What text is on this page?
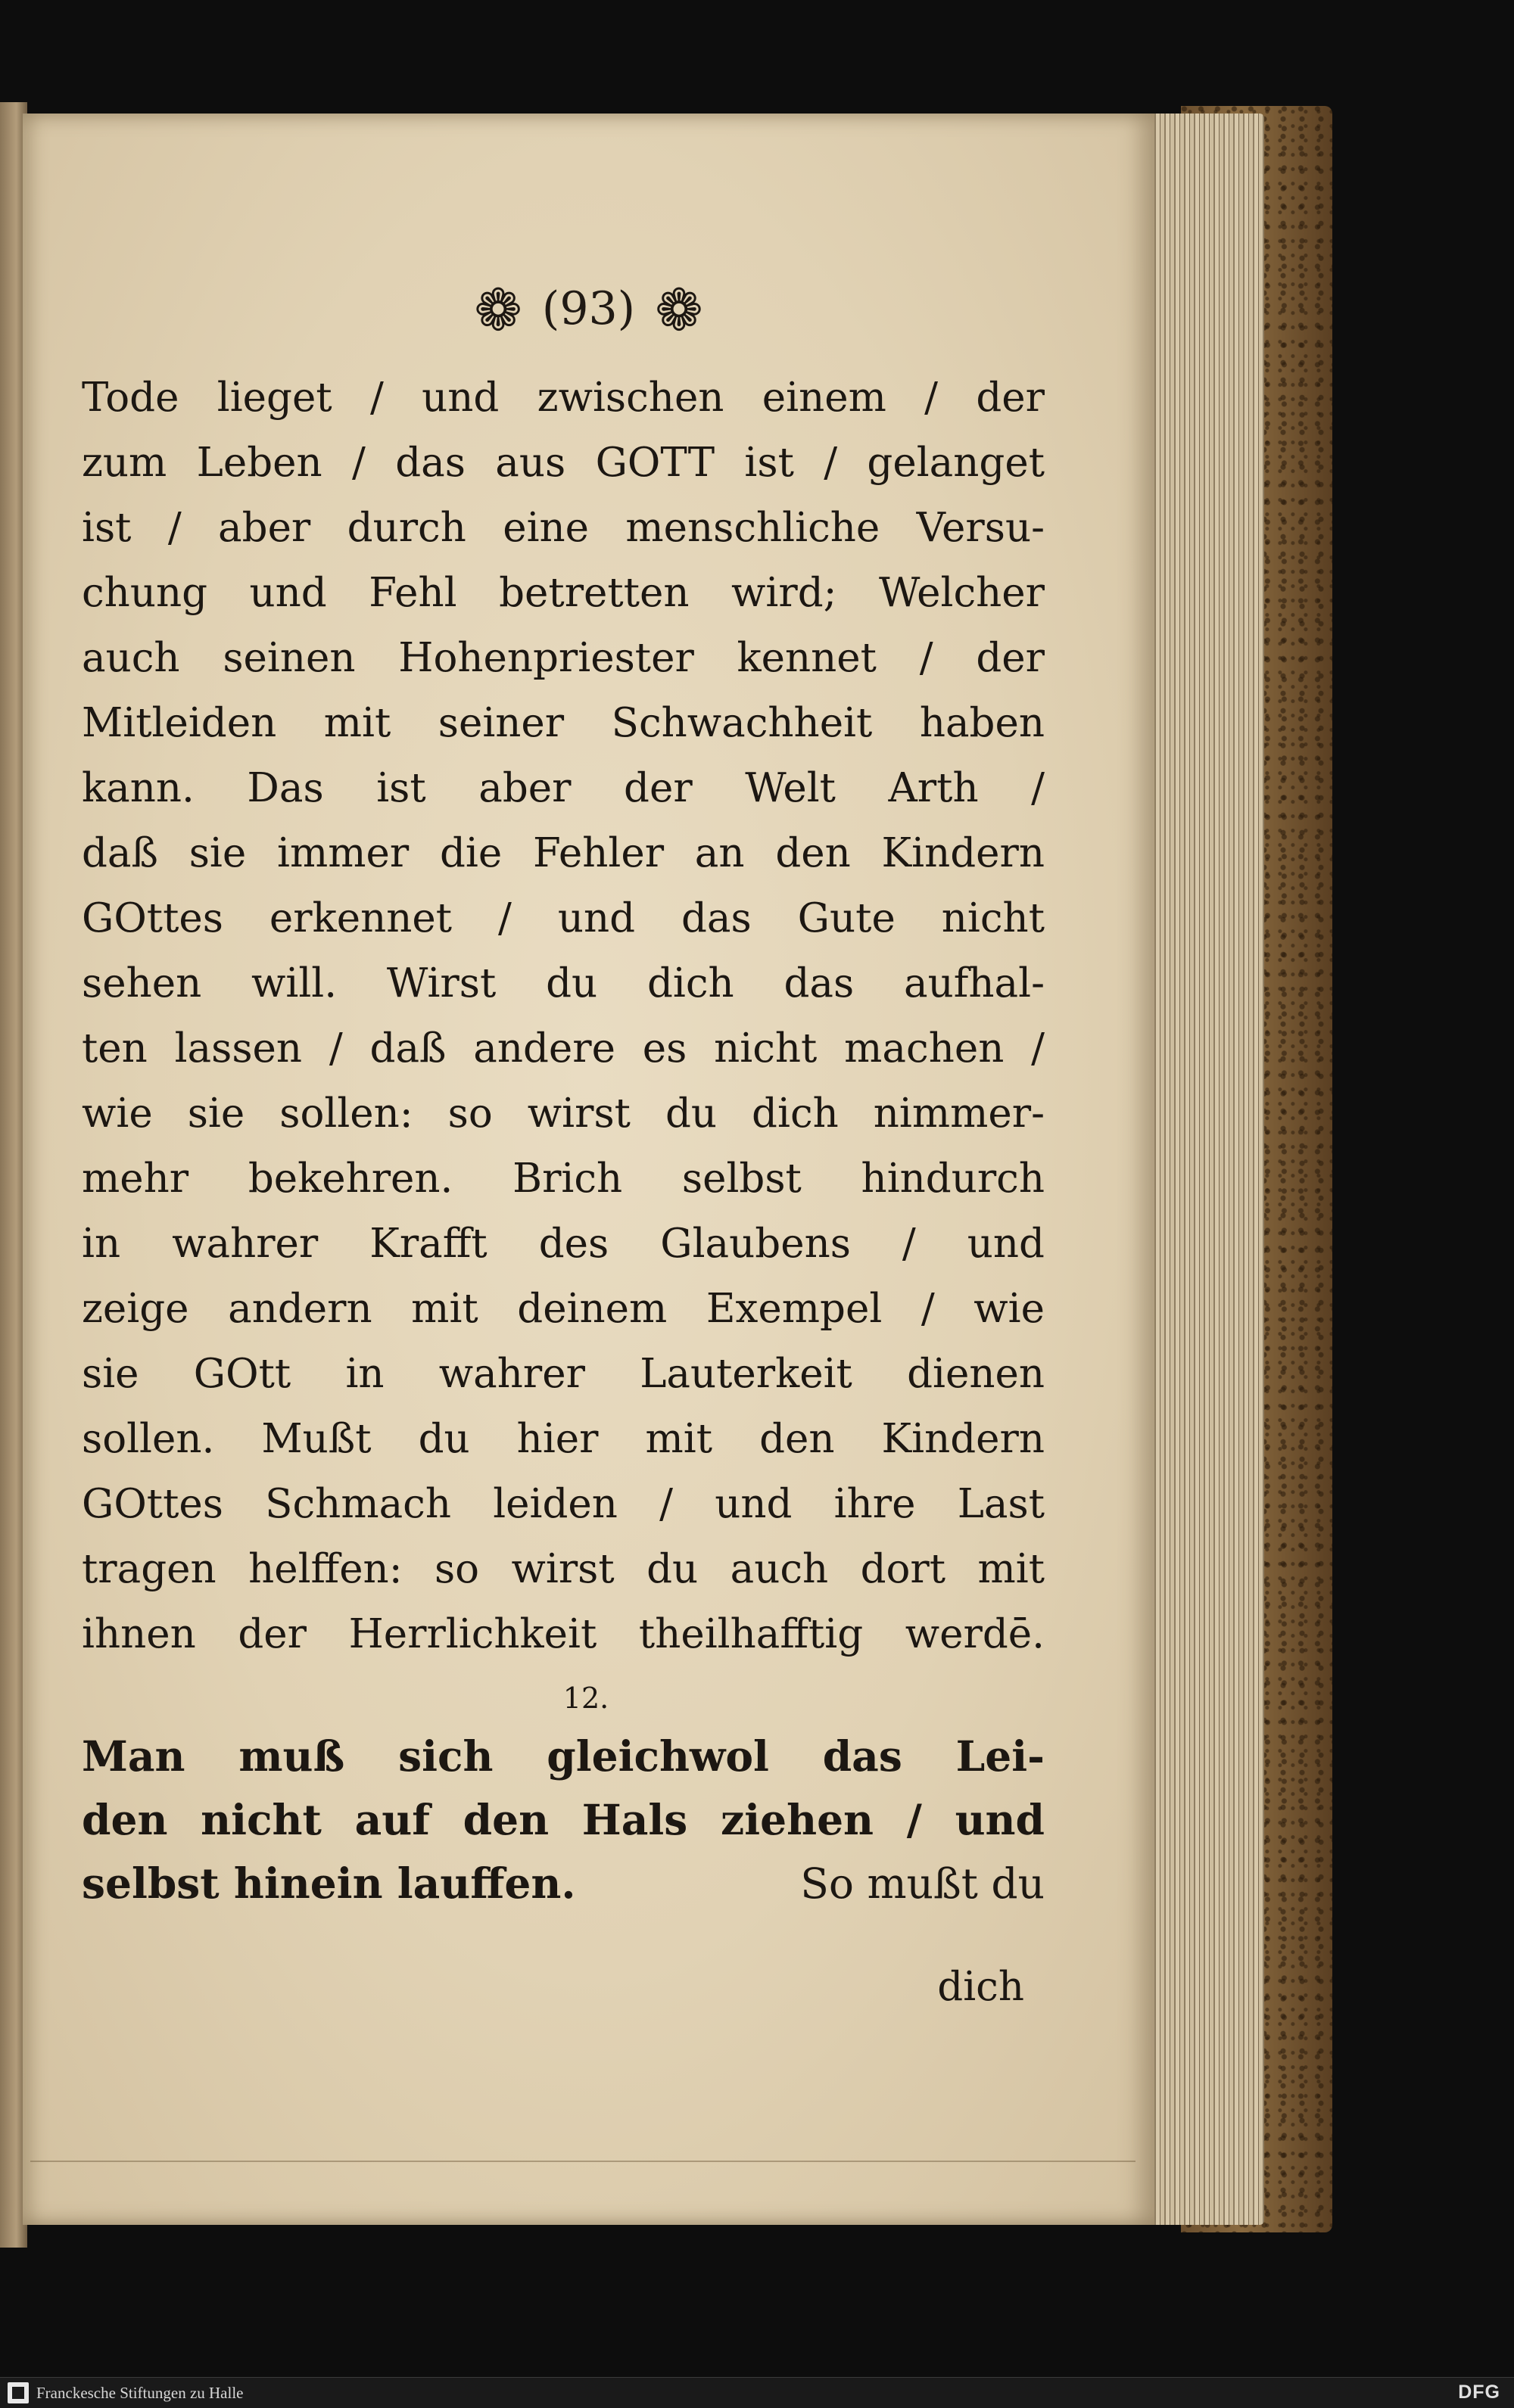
❁ (93) ❁
Tode lieget / und zwischen einem / der
zum Leben / das aus GOTT ist / gelanget
ist / aber durch eine menschliche Versu-
chung und Fehl betretten wird; Welcher
auch seinen Hohenpriester kennet / der
Mitleiden mit seiner Schwachheit haben
kann. Das ist aber der Welt Arth /
daß sie immer die Fehler an den Kindern
GOttes erkennet / und das Gute nicht
sehen will. Wirst du dich das aufhal-
ten lassen / daß andere es nicht machen /
wie sie sollen: so wirst du dich nimmer-
mehr bekehren. Brich selbst hindurch
in wahrer Krafft des Glaubens / und
zeige andern mit deinem Exempel / wie
sie GOtt in wahrer Lauterkeit dienen
sollen. Mußt du hier mit den Kindern
GOttes Schmach leiden / und ihre Last
tragen helffen: so wirst du auch dort mit
ihnen der Herrlichkeit theilhafftig werdē.
12.
Man muß sich gleichwol das Lei-
den nicht auf den Hals ziehen / und
selbst hinein lauffen.	So mußt du
dich
Franckesche Stiftungen zu Halle	DFG
